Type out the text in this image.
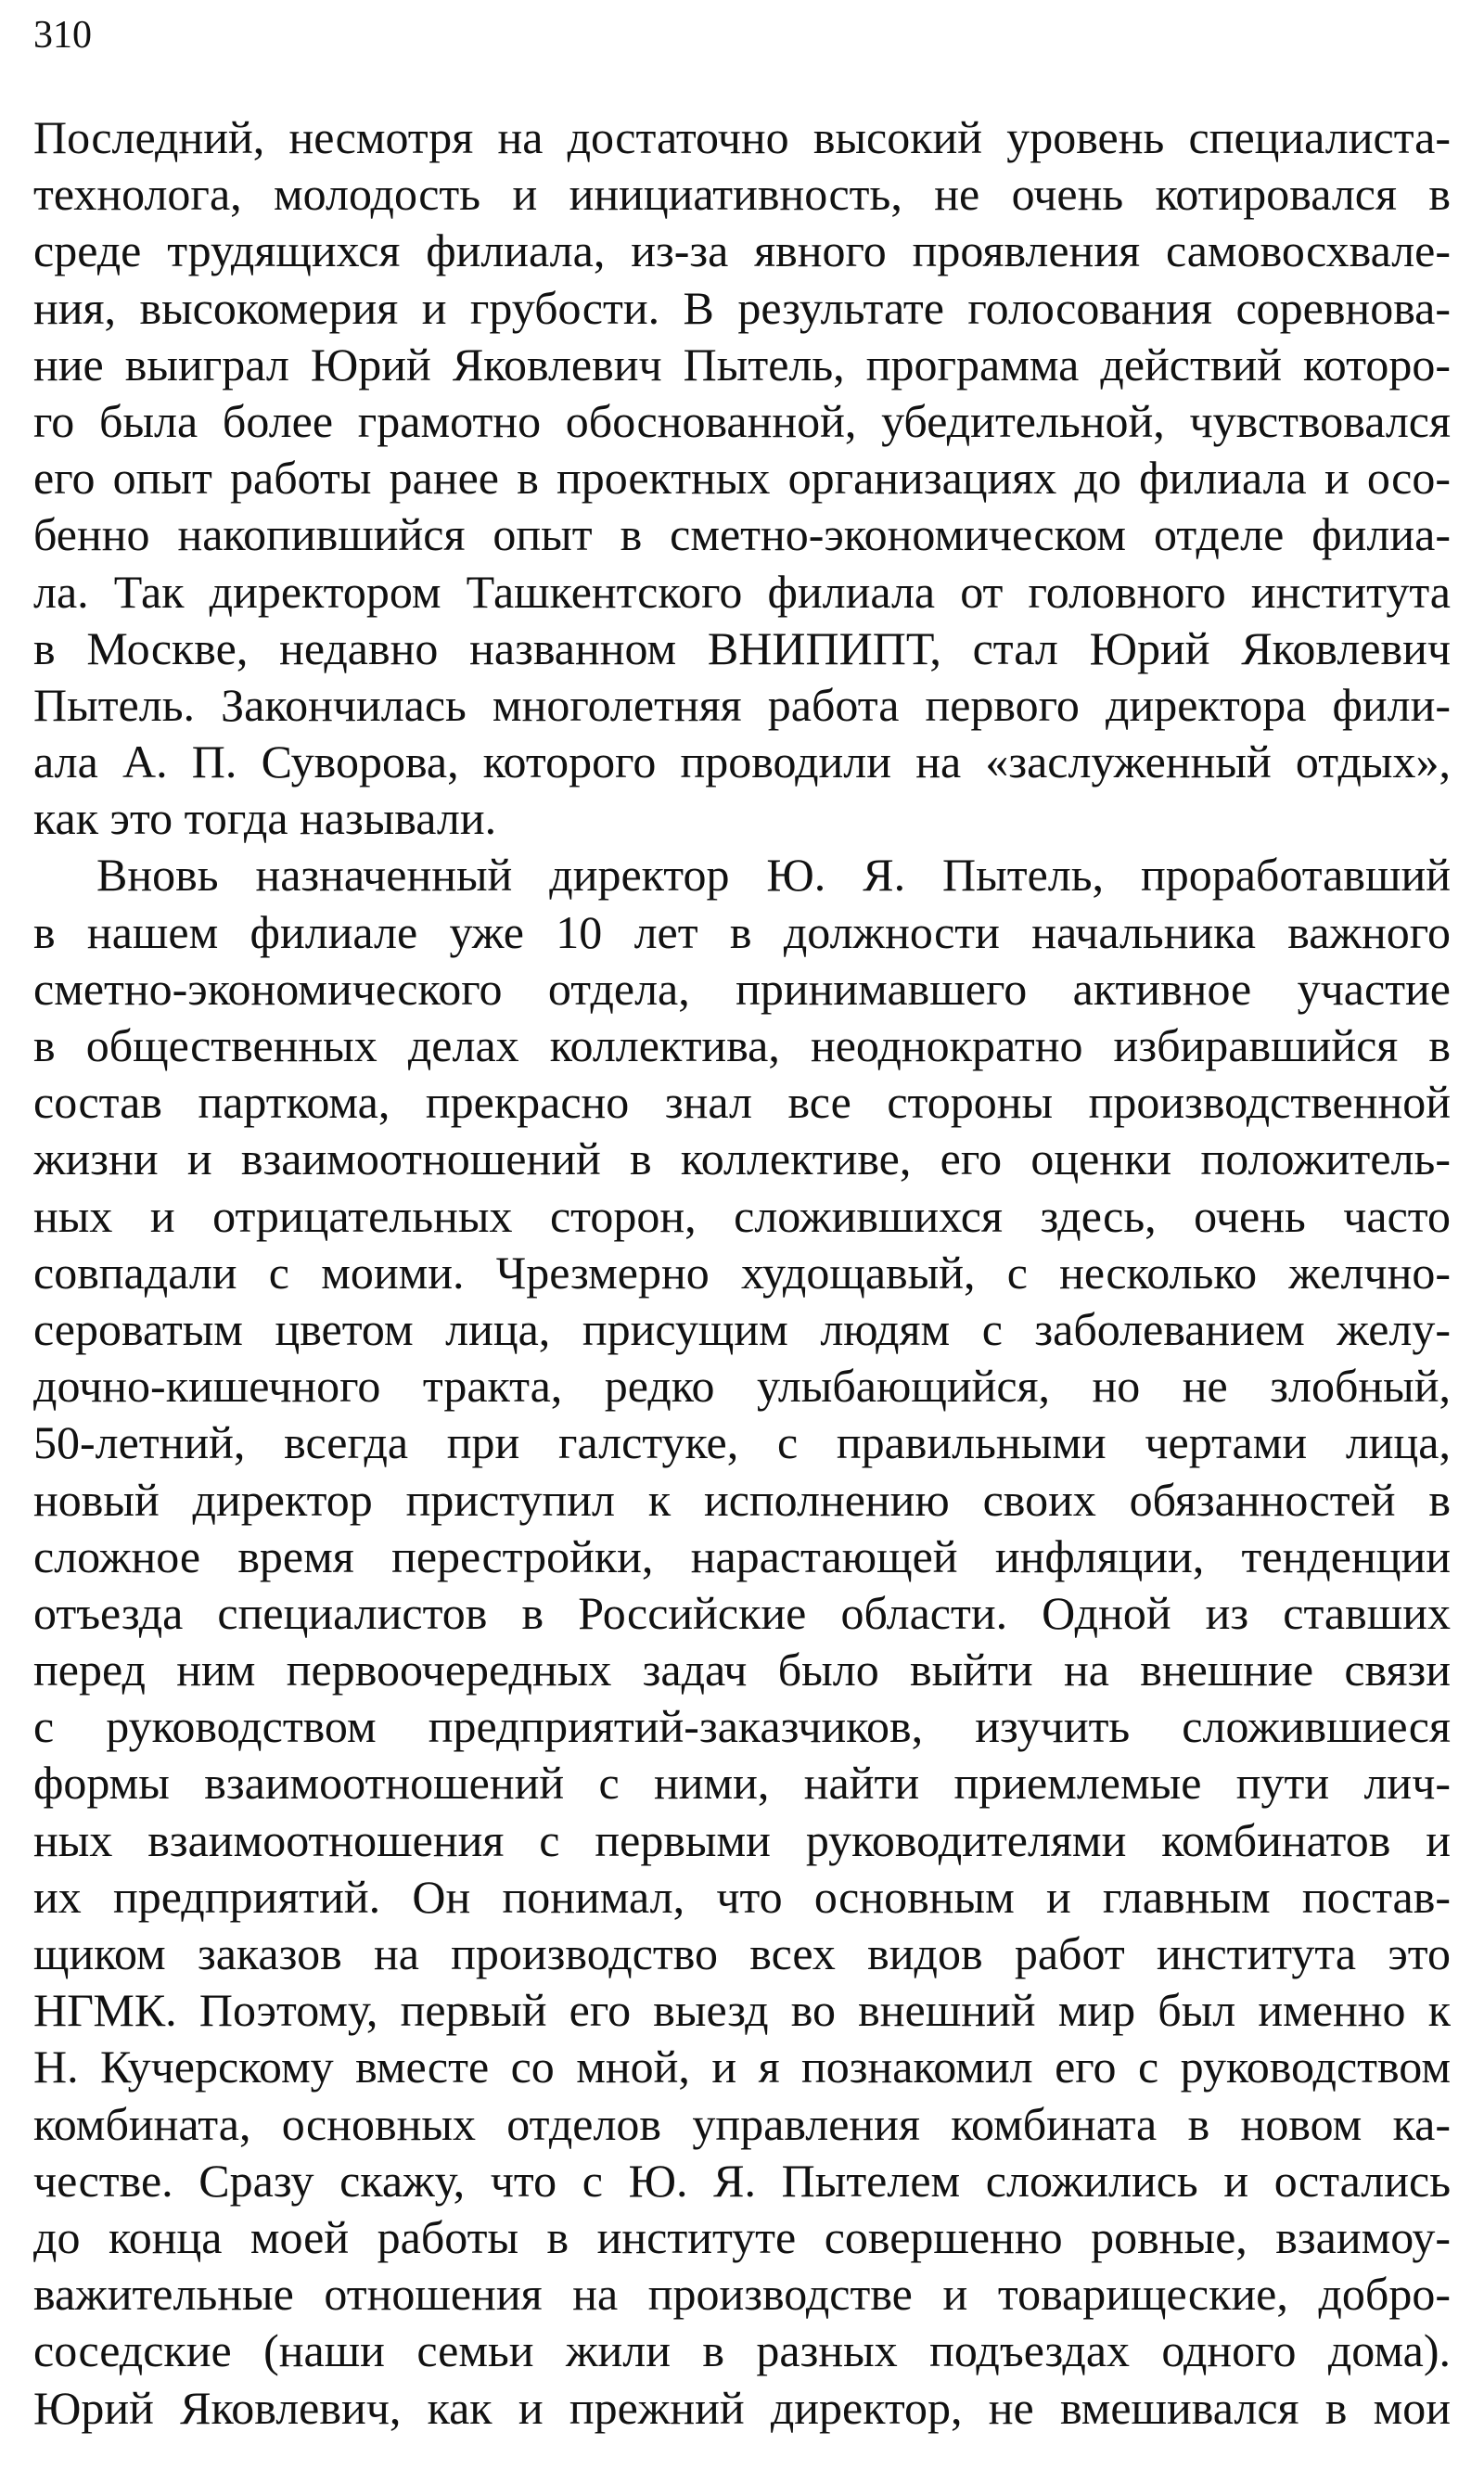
310
Последний, несмотря на достаточно высокий уровень специалиста-
технолога, молодость и инициативность, не очень котировался в
среде трудящихся филиала, из-за явного проявления самовосхвале-
ния, высокомерия и грубости. В результате голосования соревнова-
ние выиграл Юрий Яковлевич Пытель, программа действий которо-
го была более грамотно обоснованной, убедительной, чувствовался
его опыт работы ранее в проектных организациях до филиала и осо-
бенно накопившийся опыт в сметно-экономическом отделе филиа-
ла. Так директором Ташкентского филиала от головного института
в Москве, недавно названном ВНИПИПТ, стал Юрий Яковлевич
Пытель. Закончилась многолетняя работа первого директора фили-
ала А. П. Суворова, которого проводили на «заслуженный отдых»,
как это тогда называли.
Вновь назначенный директор Ю. Я. Пытель, проработавший
в нашем филиале уже 10 лет в должности начальника важного
сметно-экономического отдела, принимавшего активное участие
в общественных делах коллектива, неоднократно избиравшийся в
состав парткома, прекрасно знал все стороны производственной
жизни и взаимоотношений в коллективе, его оценки положитель-
ных и отрицательных сторон, сложившихся здесь, очень часто
совпадали с моими. Чрезмерно худощавый, с несколько желчно-
сероватым цветом лица, присущим людям с заболеванием желу-
дочно-кишечного тракта, редко улыбающийся, но не злобный,
50-летний, всегда при галстуке, с правильными чертами лица,
новый директор приступил к исполнению своих обязанностей в
сложное время перестройки, нарастающей инфляции, тенденции
отъезда специалистов в Российские области. Одной из ставших
перед ним первоочередных задач было выйти на внешние связи
с руководством предприятий-заказчиков, изучить сложившиеся
формы взаимоотношений с ними, найти приемлемые пути лич-
ных взаимоотношения с первыми руководителями комбинатов и
их предприятий. Он понимал, что основным и главным постав-
щиком заказов на производство всех видов работ института это
НГМК. Поэтому, первый его выезд во внешний мир был именно к
Н. Кучерскому вместе со мной, и я познакомил его с руководством
комбината, основных отделов управления комбината в новом ка-
честве. Сразу скажу, что с Ю. Я. Пытелем сложились и остались
до конца моей работы в институте совершенно ровные, взаимоу-
важительные отношения на производстве и товарищеские, добро-
соседские (наши семьи жили в разных подъездах одного дома).
Юрий Яковлевич, как и прежний директор, не вмешивался в мои
